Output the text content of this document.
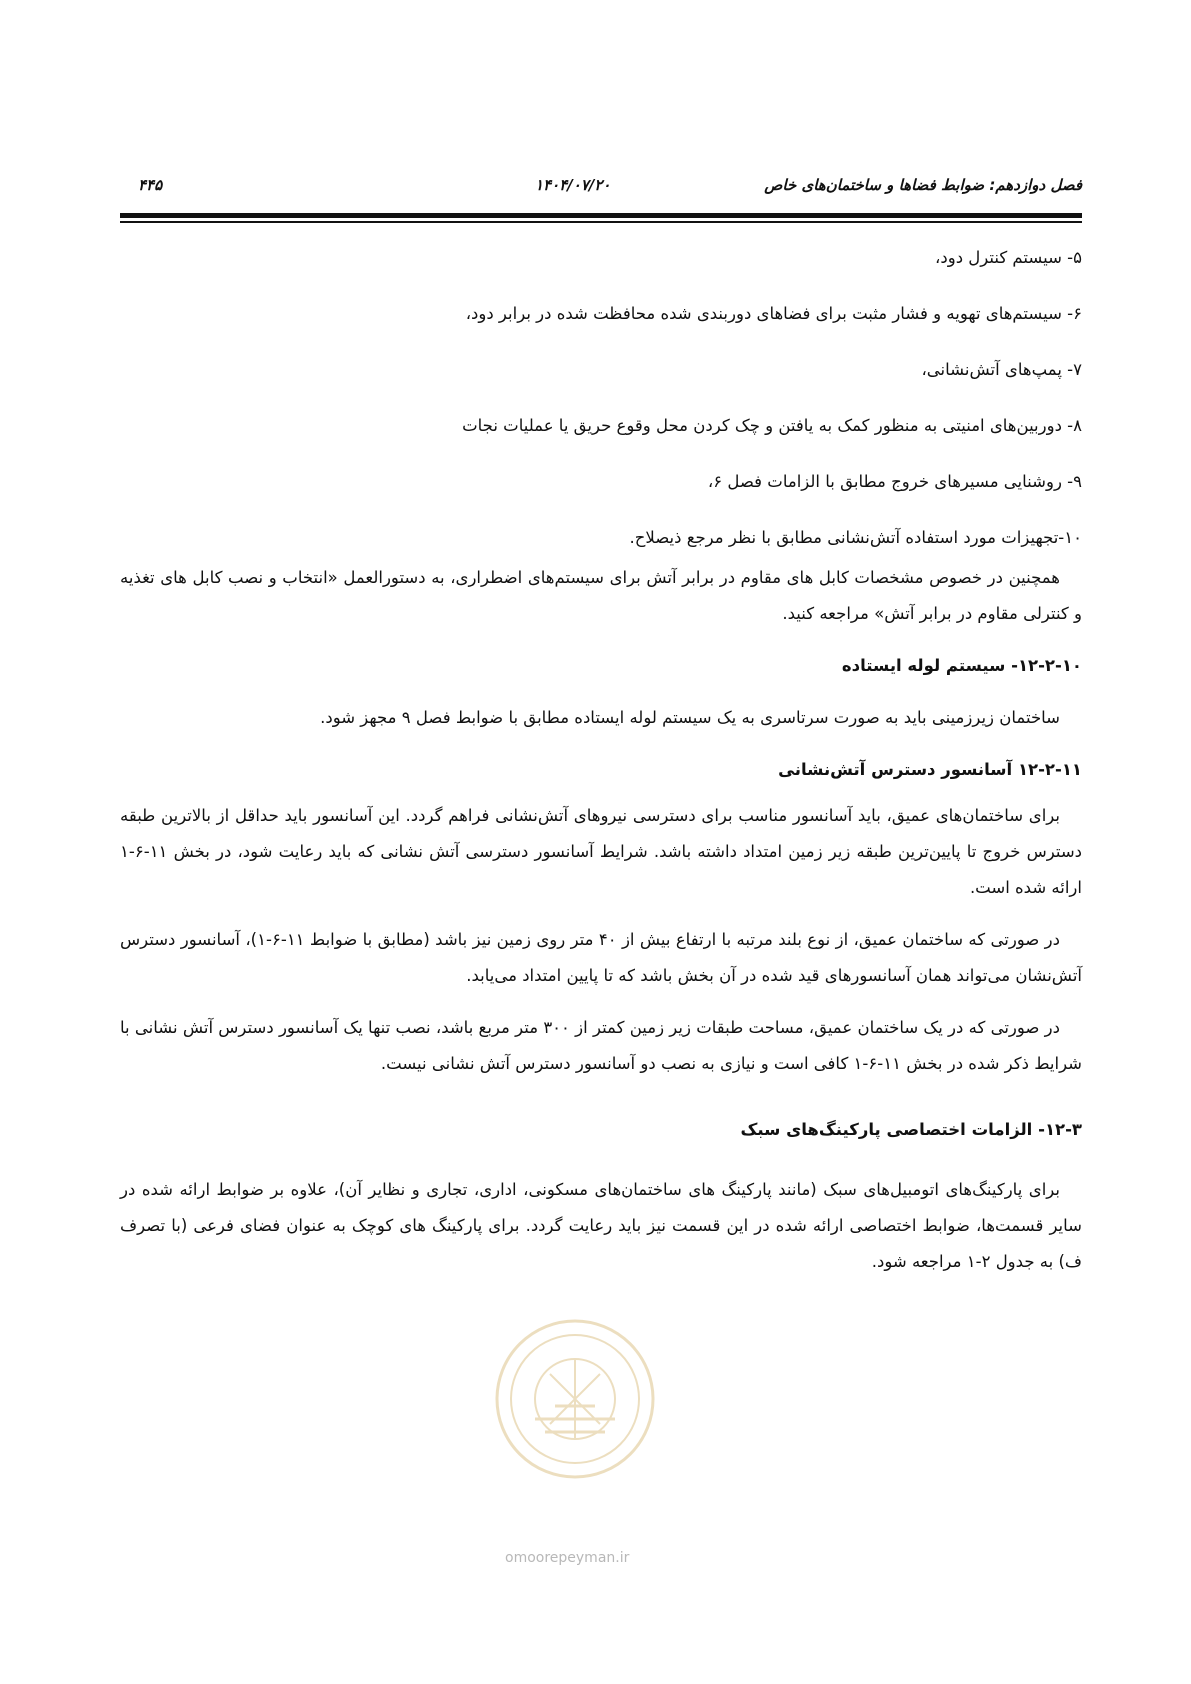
فصل دوازدهم: ضوابط فضاها و ساختمان‌های خاص
۱۴۰۴/۰۷/۲۰
۴۴۵

۵- سیستم کنترل دود،

۶- سیستم‌های تهویه و فشار مثبت برای فضاهای دوربندی شده محافظت شده در برابر دود،

۷- پمپ‌های آتش‌نشانی،

۸- دوربین‌های امنیتی به منظور کمک به یافتن و چک کردن محل وقوع حریق یا عملیات نجات

۹- روشنایی مسیرهای خروج مطابق با الزامات فصل ۶،

۱۰-تجهیزات مورد استفاده آتش‌نشانی مطابق با نظر مرجع ذیصلاح.

همچنین در خصوص مشخصات کابل های مقاوم در برابر آتش برای سیستم‌های اضطراری، به دستورالعمل «انتخاب و نصب کابل های تغذیه و کنترلی مقاوم در برابر آتش» مراجعه کنید.

۱۲-۲-۱۰- سیستم لوله ایستاده

ساختمان زیرزمینی باید به صورت سرتاسری به یک سیستم لوله ایستاده مطابق با ضوابط فصل ۹ مجهز شود.

۱۲-۲-۱۱ آسانسور دسترس آتش‌نشانی

برای ساختمان‌های عمیق، باید آسانسور مناسب برای دسترسی نیروهای آتش‌نشانی فراهم گردد. این آسانسور باید حداقل از بالاترین طبقه دسترس خروج تا پایین‌ترین طبقه زیر زمین امتداد داشته باشد. شرایط آسانسور دسترسی آتش نشانی که باید رعایت شود، در بخش ۱۱-۶-۱ ارائه شده است.

در صورتی که ساختمان عمیق، از نوع بلند مرتبه با ارتفاع بیش از ۴۰ متر روی زمین نیز باشد (مطابق با ضوابط ۱۱-۶-۱)، آسانسور دسترس آتش‌نشان می‌تواند همان آسانسورهای قید شده در آن بخش باشد که تا پایین امتداد می‌یابد.

در صورتی که در یک ساختمان عمیق، مساحت طبقات زیر زمین کمتر از ۳۰۰ متر مربع باشد، نصب تنها یک آسانسور دسترس آتش نشانی با شرایط ذکر شده در بخش ۱۱-۶-۱ کافی است و نیازی به نصب دو آسانسور دسترس آتش نشانی نیست.

۱۲-۳- الزامات اختصاصی پارکینگ‌های سبک

برای پارکینگ‌های اتومبیل‌های سبک (مانند پارکینگ های ساختمان‌های مسکونی، اداری، تجاری و نظایر آن)، علاوه بر ضوابط ارائه شده در سایر قسمت‌ها، ضوابط اختصاصی ارائه شده در این قسمت نیز باید رعایت گردد. برای پارکینگ های کوچک به عنوان فضای فرعی (با تصرف ف) به جدول ۲-۱ مراجعه شود.

omoorepeyman.ir
